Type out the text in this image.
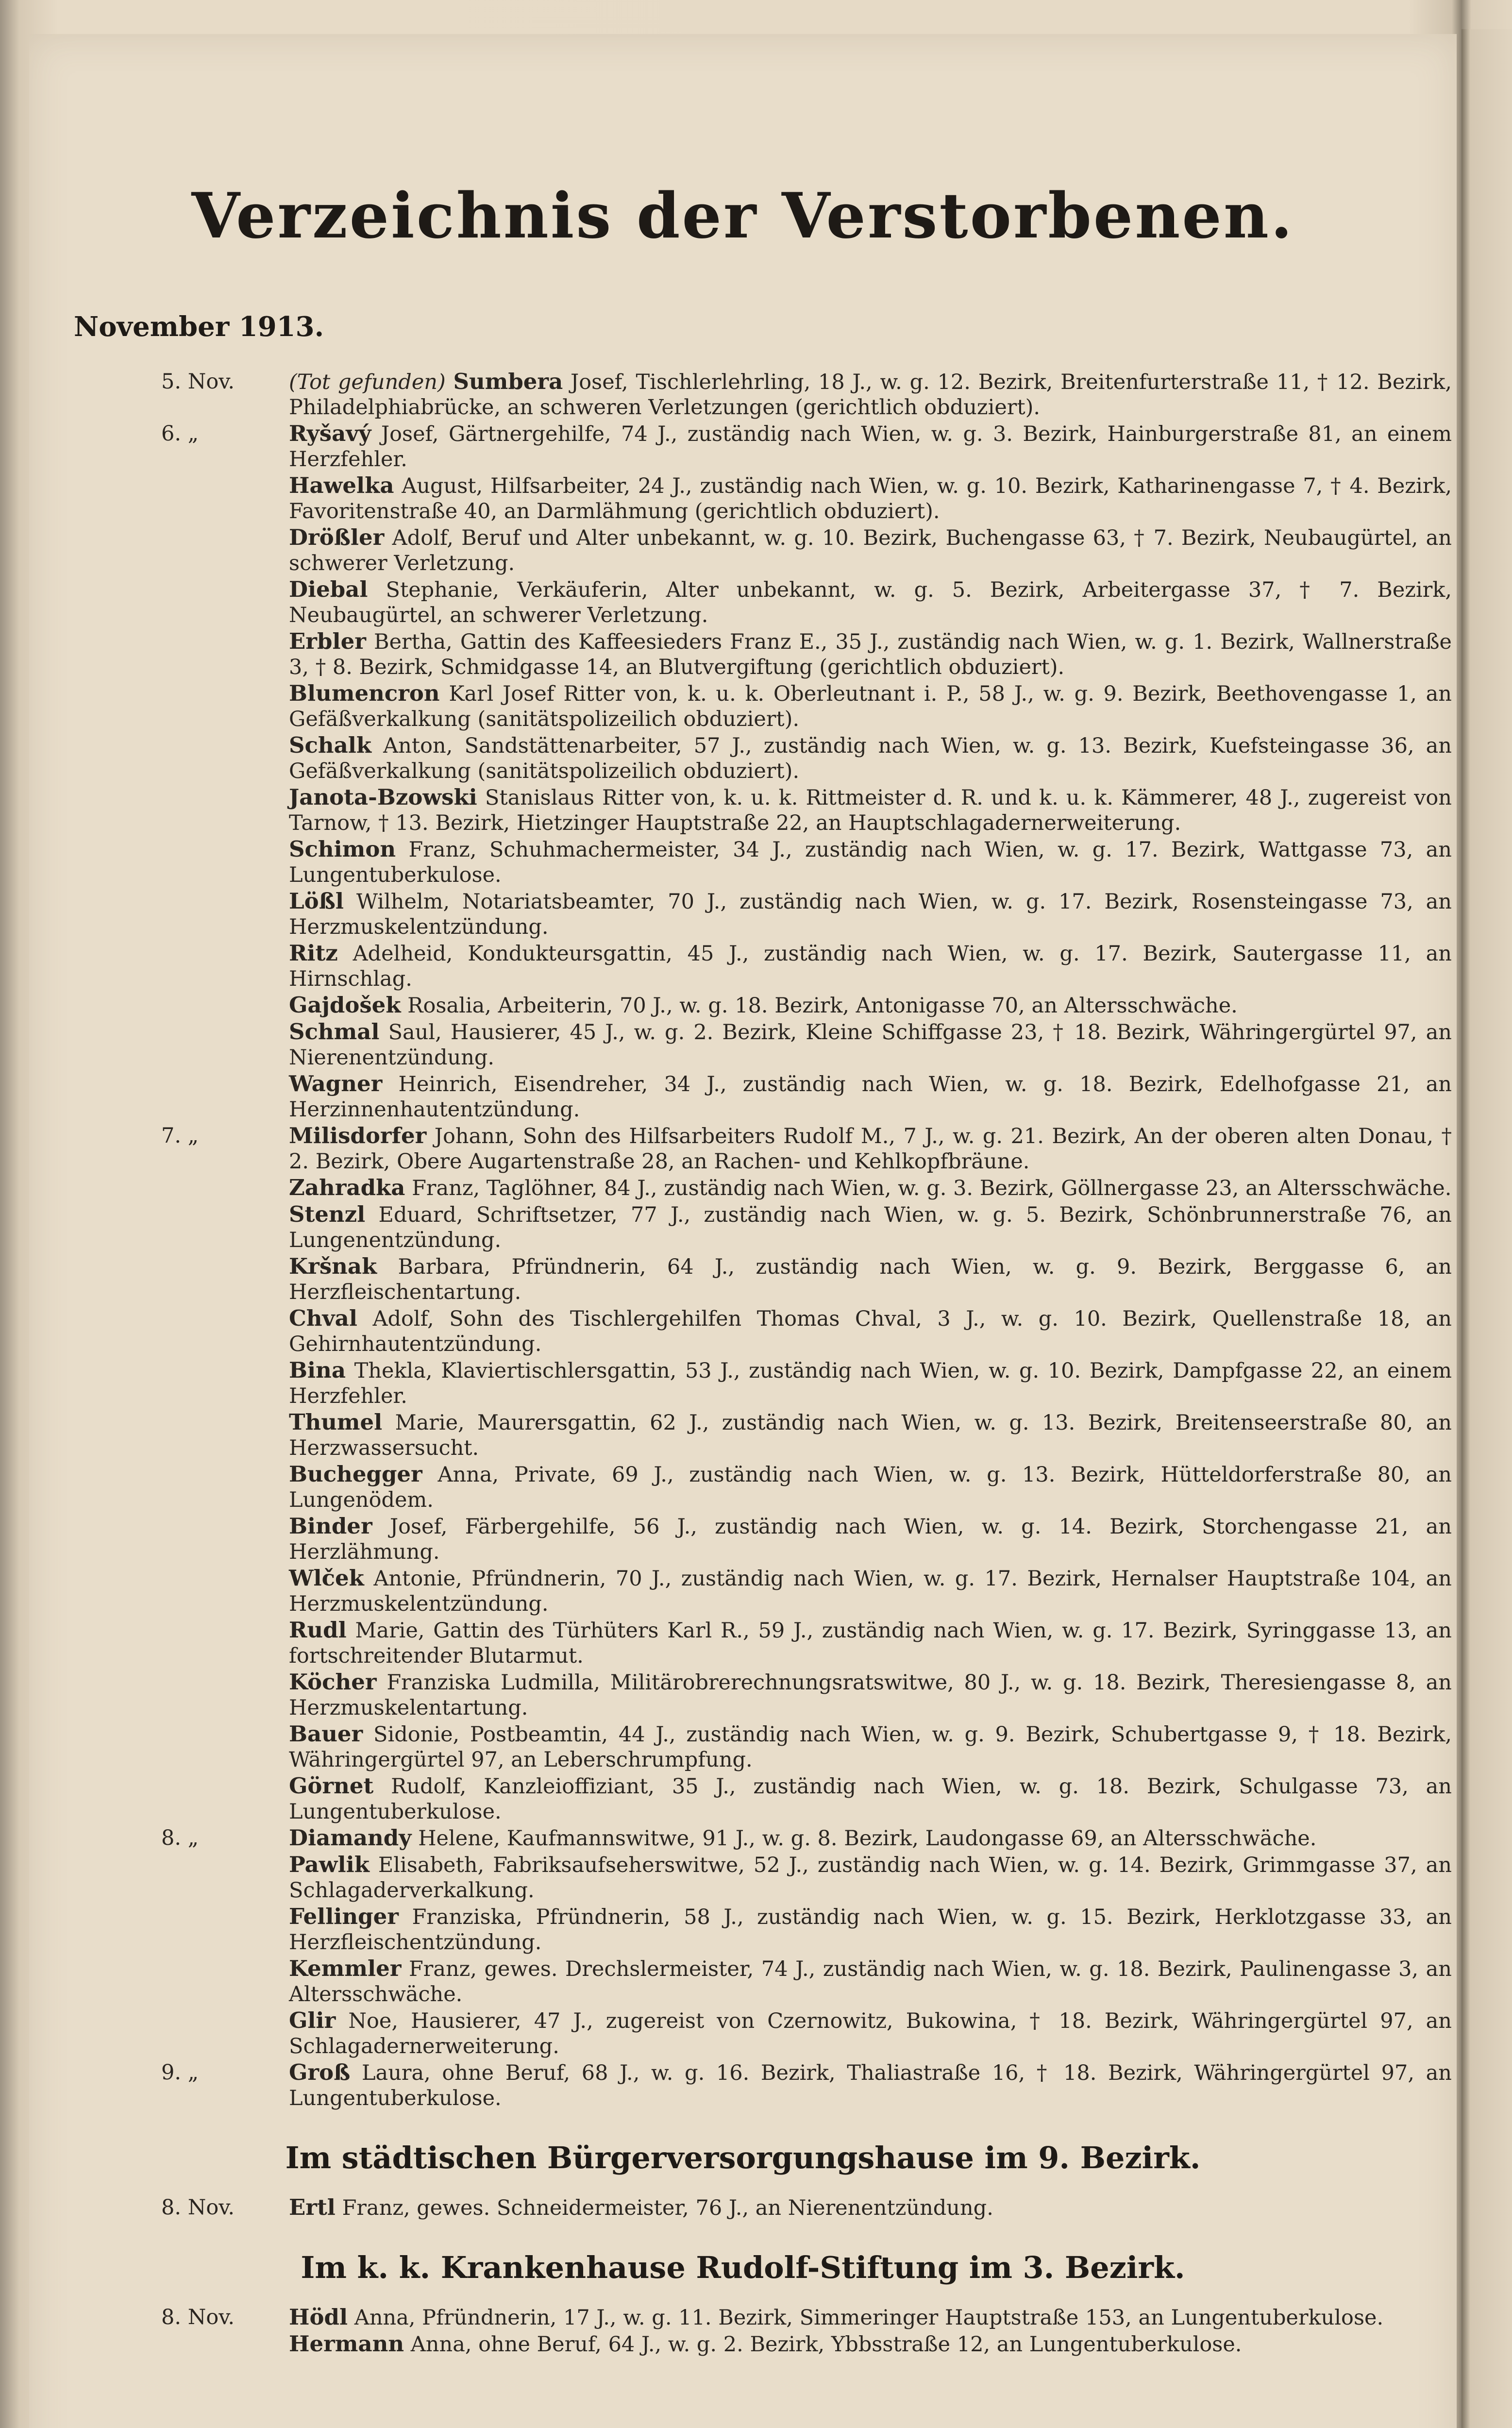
Verzeichnis der Verstorbenen.
November 1913.
5. Nov.	(Tot gefunden) Sumbera Josef, Tischlerlehrling, 18 J., w. g. 12. Bezirk, Breitenfurterstraße 11, † 12. Bezirk, Philadelphiabrücke, an schweren Verletzungen (gerichtlich obduziert).
6. „	Ryšavý Josef, Gärtnergehilfe, 74 J., zuständig nach Wien, w. g. 3. Bezirk, Hainburgerstraße 81, an einem Herzfehler.
Hawelka August, Hilfsarbeiter, 24 J., zuständig nach Wien, w. g. 10. Bezirk, Katharinengasse 7, † 4. Bezirk, Favoritenstraße 40, an Darmlähmung (gerichtlich obduziert).
Drößler Adolf, Beruf und Alter unbekannt, w. g. 10. Bezirk, Buchengasse 63, † 7. Bezirk, Neubaugürtel, an schwerer Verletzung.
Diebal Stephanie, Verkäuferin, Alter unbekannt, w. g. 5. Bezirk, Arbeitergasse 37, † 7. Bezirk, Neubaugürtel, an schwerer Verletzung.
Erbler Bertha, Gattin des Kaffeesieders Franz E., 35 J., zuständig nach Wien, w. g. 1. Bezirk, Wallnerstraße 3, † 8. Bezirk, Schmidgasse 14, an Blutvergiftung (gerichtlich obduziert).
Blumencron Karl Josef Ritter von, k. u. k. Oberleutnant i. P., 58 J., w. g. 9. Bezirk, Beethovengasse 1, an Gefäßverkalkung (sanitätspolizeilich obduziert).
Schalk Anton, Sandstättenarbeiter, 57 J., zuständig nach Wien, w. g. 13. Bezirk, Kuefsteingasse 36, an Gefäßverkalkung (sanitätspolizeilich obduziert).
Janota-Bzowski Stanislaus Ritter von, k. u. k. Rittmeister d. R. und k. u. k. Kämmerer, 48 J., zugereist von Tarnow, † 13. Bezirk, Hietzinger Hauptstraße 22, an Hauptschlagadernerweiterung.
Schimon Franz, Schuhmachermeister, 34 J., zuständig nach Wien, w. g. 17. Bezirk, Wattgasse 73, an Lungentuberkulose.
Lößl Wilhelm, Notariatsbeamter, 70 J., zuständig nach Wien, w. g. 17. Bezirk, Rosensteingasse 73, an Herzmuskelentzündung.
Ritz Adelheid, Kondukteursgattin, 45 J., zuständig nach Wien, w. g. 17. Bezirk, Sautergasse 11, an Hirnschlag.
Gajdošek Rosalia, Arbeiterin, 70 J., w. g. 18. Bezirk, Antonigasse 70, an Altersschwäche.
Schmal Saul, Hausierer, 45 J., w. g. 2. Bezirk, Kleine Schiffgasse 23, † 18. Bezirk, Währingergürtel 97, an Nierenentzündung.
Wagner Heinrich, Eisendreher, 34 J., zuständig nach Wien, w. g. 18. Bezirk, Edelhofgasse 21, an Herzinnenhautentzündung.
7. „	Milisdorfer Johann, Sohn des Hilfsarbeiters Rudolf M., 7 J., w. g. 21. Bezirk, An der oberen alten Donau, † 2. Bezirk, Obere Augartenstraße 28, an Rachen- und Kehlkopfbräune.
Zahradka Franz, Taglöhner, 84 J., zuständig nach Wien, w. g. 3. Bezirk, Göllnergasse 23, an Altersschwäche.
Stenzl Eduard, Schriftsetzer, 77 J., zuständig nach Wien, w. g. 5. Bezirk, Schönbrunnerstraße 76, an Lungenentzündung.
Kršnak Barbara, Pfründnerin, 64 J., zuständig nach Wien, w. g. 9. Bezirk, Berggasse 6, an Herzfleischentartung.
Chval Adolf, Sohn des Tischlergehilfen Thomas Chval, 3 J., w. g. 10. Bezirk, Quellenstraße 18, an Gehirnhautentzündung.
Bina Thekla, Klaviertischlersgattin, 53 J., zuständig nach Wien, w. g. 10. Bezirk, Dampfgasse 22, an einem Herzfehler.
Thumel Marie, Maurersgattin, 62 J., zuständig nach Wien, w. g. 13. Bezirk, Breitenseerstraße 80, an Herzwassersucht.
Buchegger Anna, Private, 69 J., zuständig nach Wien, w. g. 13. Bezirk, Hütteldorferstraße 80, an Lungenödem.
Binder Josef, Färbergehilfe, 56 J., zuständig nach Wien, w. g. 14. Bezirk, Storchengasse 21, an Herzlähmung.
Wlček Antonie, Pfründnerin, 70 J., zuständig nach Wien, w. g. 17. Bezirk, Hernalser Hauptstraße 104, an Herzmuskelentzündung.
Rudl Marie, Gattin des Türhüters Karl R., 59 J., zuständig nach Wien, w. g. 17. Bezirk, Syringgasse 13, an fortschreitender Blutarmut.
Köcher Franziska Ludmilla, Militärobrerechnungsratswitwe, 80 J., w. g. 18. Bezirk, Theresiengasse 8, an Herzmuskelentartung.
Bauer Sidonie, Postbeamtin, 44 J., zuständig nach Wien, w. g. 9. Bezirk, Schubertgasse 9, † 18. Bezirk, Währingergürtel 97, an Leberschrumpfung.
Görnet Rudolf, Kanzleioffiziant, 35 J., zuständig nach Wien, w. g. 18. Bezirk, Schulgasse 73, an Lungentuberkulose.
8. „	Diamandy Helene, Kaufmannswitwe, 91 J., w. g. 8. Bezirk, Laudongasse 69, an Altersschwäche.
Pawlik Elisabeth, Fabriksaufseherswitwe, 52 J., zuständig nach Wien, w. g. 14. Bezirk, Grimmgasse 37, an Schlagaderverkalkung.
Fellinger Franziska, Pfründnerin, 58 J., zuständig nach Wien, w. g. 15. Bezirk, Herklotzgasse 33, an Herzfleischentzündung.
Kemmler Franz, gewes. Drechslermeister, 74 J., zuständig nach Wien, w. g. 18. Bezirk, Paulinengasse 3, an Altersschwäche.
Glir Noe, Hausierer, 47 J., zugereist von Czernowitz, Bukowina, † 18. Bezirk, Währingergürtel 97, an Schlagadernerweiterung.
9. „	Groß Laura, ohne Beruf, 68 J., w. g. 16. Bezirk, Thaliastraße 16, † 18. Bezirk, Währingergürtel 97, an Lungentuberkulose.
Im städtischen Bürgerversorgungshause im 9. Bezirk.
8. Nov.	Ertl Franz, gewes. Schneidermeister, 76 J., an Nierenentzündung.
Im k. k. Krankenhause Rudolf-Stiftung im 3. Bezirk.
8. Nov.	Hödl Anna, Pfründnerin, 17 J., w. g. 11. Bezirk, Simmeringer Hauptstraße 153, an Lungentuberkulose.
Hermann Anna, ohne Beruf, 64 J., w. g. 2. Bezirk, Ybbsstraße 12, an Lungentuberkulose.
